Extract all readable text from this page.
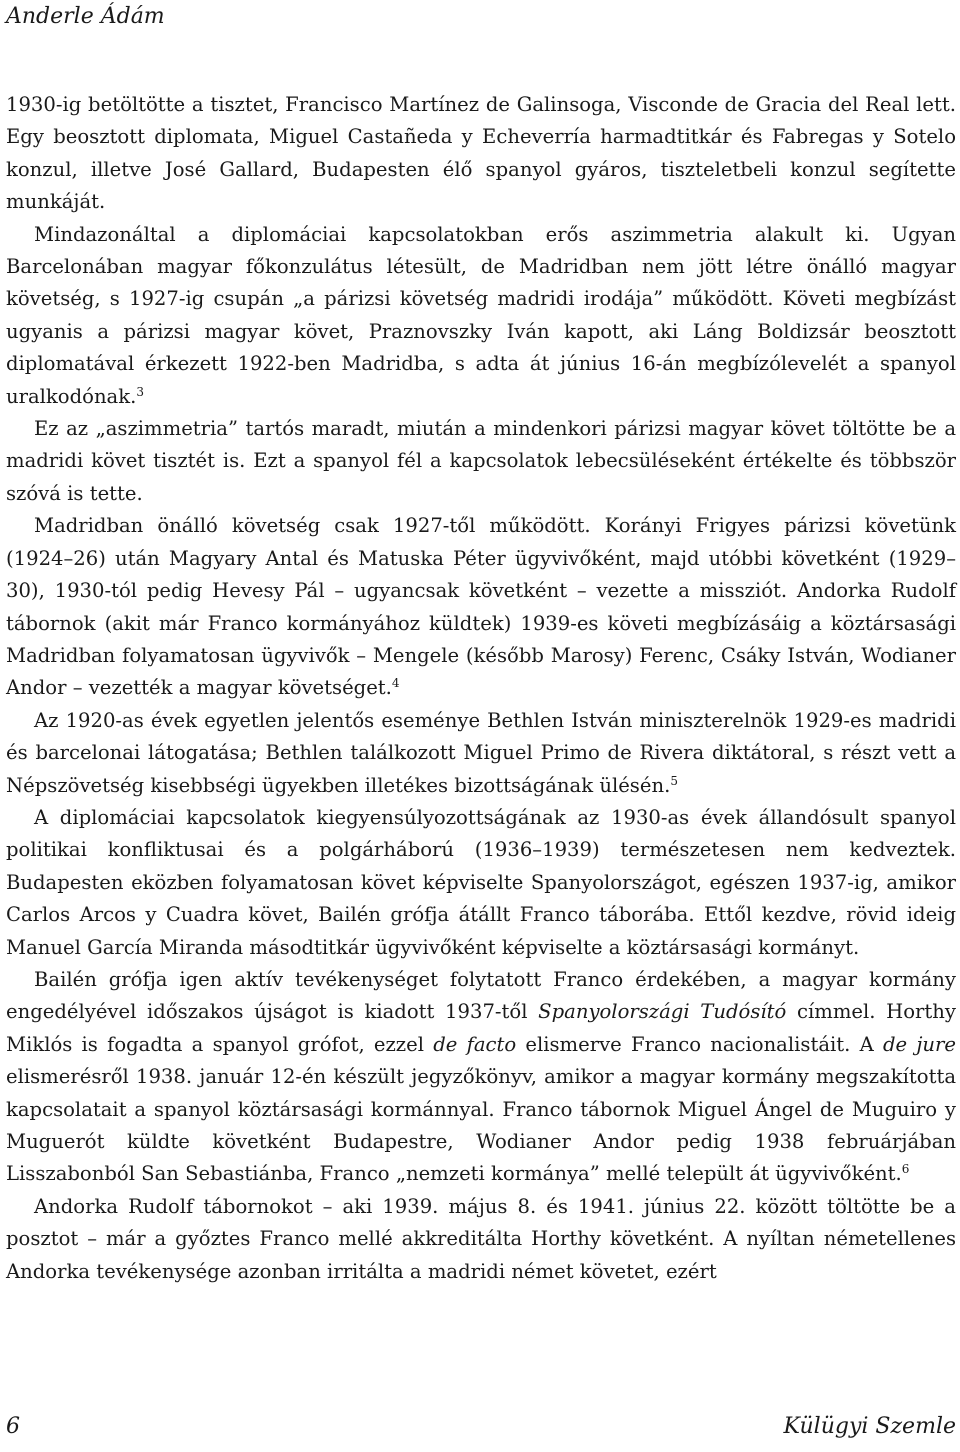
Anderle Ádám

1930-ig betöltötte a tisztet, Francisco Martínez de Galinsoga, Visconde de Gracia del Real lett. Egy beosztott diplomata, Miguel Castañeda y Echeverría harmadtitkár és Fabregas y Sotelo konzul, illetve José Gallard, Budapesten élő spanyol gyáros, tiszteletbeli konzul segítette munkáját.

Mindazonáltal a diplomáciai kapcsolatokban erős aszimmetria alakult ki. Ugyan Barcelonában magyar főkonzulátus létesült, de Madridban nem jött létre önálló magyar követség, s 1927-ig csupán „a párizsi követség madridi irodája” működött. Követi megbízást ugyanis a párizsi magyar követ, Praznovszky Iván kapott, aki Láng Boldizsár beosztott diplomatával érkezett 1922-ben Madridba, s adta át június 16-án megbízólevelét a spanyol uralkodónak.$^3$

Ez az „aszimmetria” tartós maradt, miután a mindenkori párizsi magyar követ töltötte be a madridi követ tisztét is. Ezt a spanyol fél a kapcsolatok lebecsüléseként értékelte és többször szóvá is tette.

Madridban önálló követség csak 1927-től működött. Korányi Frigyes párizsi követünk (1924–26) után Magyary Antal és Matuska Péter ügyvivőként, majd utóbbi követként (1929–30), 1930-tól pedig Hevesy Pál – ugyancsak követként – vezette a missziót. Andorka Rudolf tábornok (akit már Franco kormányához küldtek) 1939-es követi megbízásáig a köztársasági Madridban folyamatosan ügyvivők – Mengele (később Marosy) Ferenc, Csáky István, Wodianer Andor – vezették a magyar követséget.$^4$

Az 1920-as évek egyetlen jelentős eseménye Bethlen István miniszterelnök 1929-es madridi és barcelonai látogatása; Bethlen találkozott Miguel Primo de Rivera diktátoral, s részt vett a Népszövetség kisebbségi ügyekben illetékes bizottságának ülésén.$^5$

A diplomáciai kapcsolatok kiegyensúlyozottságának az 1930-as évek állandósult spanyol politikai konfliktusai és a polgárháború (1936–1939) természetesen nem kedveztek. Budapesten eközben folyamatosan követ képviselte Spanyolországot, egészen 1937-ig, amikor Carlos Arcos y Cuadra követ, Bailén grófja átállt Franco táborába. Ettől kezdve, rövid ideig Manuel García Miranda másodtitkár ügyvivőként képviselte a köztársasági kormányt.

Bailén grófja igen aktív tevékenységet folytatott Franco érdekében, a magyar kormány engedélyével időszakos újságot is kiadott 1937-től Spanyolországi Tudósító címmel. Horthy Miklós is fogadta a spanyol grófot, ezzel de facto elismerve Franco nacionalistáit. A de jure elismerésről 1938. január 12-én készült jegyzőkönyv, amikor a magyar kormány megszakította kapcsolatait a spanyol köztársasági kormánnyal. Franco tábornok Miguel Ángel de Muguiro y Muguerót küldte követként Budapestre, Wodianer Andor pedig 1938 februárjában Lisszabonból San Sebastiánba, Franco „nemzeti kormánya” mellé települt át ügyvivőként.$^6$

Andorka Rudolf tábornokot – aki 1939. május 8. és 1941. június 22. között töltötte be a posztot – már a győztes Franco mellé akkreditálta Horthy követként. A nyíltan németellenes Andorka tevékenysége azonban irritálta a madridi német követet, ezért

6	Külügyi Szemle
